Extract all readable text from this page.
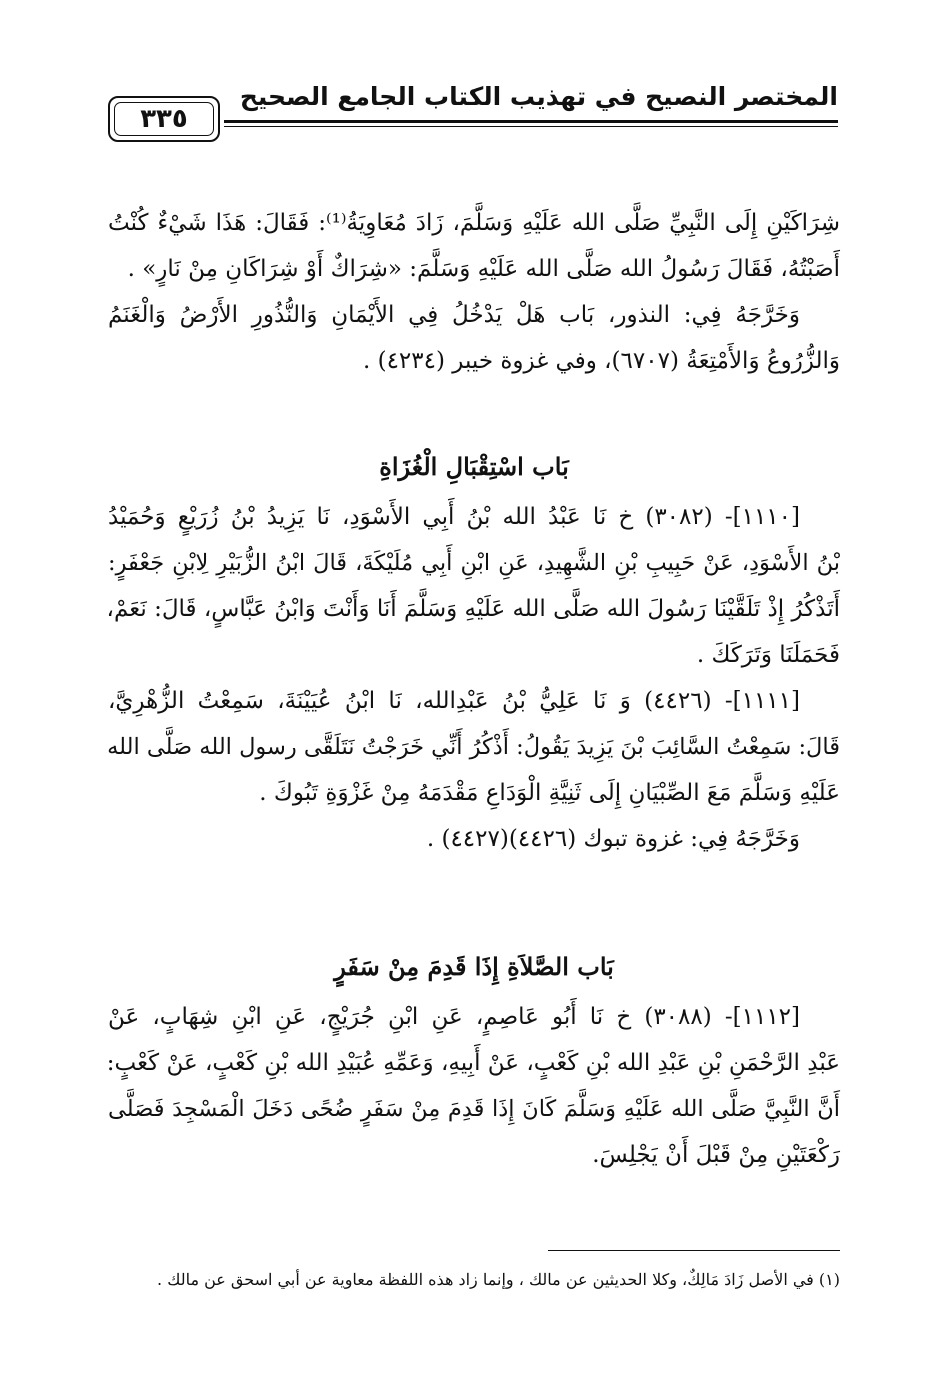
المختصر النصيح في تهذيب الكتاب الجامع الصحيح
٣٣٥
شِرَاكَيْنِ إِلَى النَّبِيِّ صَلَّى الله عَلَيْهِ وَسَلَّمَ، زَادَ مُعَاوِيَةُ⁽¹⁾: فَقَالَ: هَذَا شَيْءٌ كُنْتُ
أَصَبْتُهُ، فَقَالَ رَسُولُ الله صَلَّى الله عَلَيْهِ وَسَلَّمَ: «شِرَاكٌ أَوْ شِرَاكَانِ مِنْ نَارٍ» .
وَخَرَّجَهُ فِي: النذور، بَاب هَلْ يَدْخُلُ فِي الأَيْمَانِ وَالنُّذُورِ الأَرْضُ وَالْغَنَمُ
وَالزُّرُوعُ وَالأَمْتِعَةُ (٦٧٠٧)، وفي غزوة خيبر (٤٢٣٤) .
بَاب اسْتِقْبَالِ الْغُزَاةِ
[١١١٠]- (٣٠٨٢) خ نَا عَبْدُ الله بْنُ أَبِي الأَسْوَدِ، نَا يَزِيدُ بْنُ زُرَيْعٍ وَحُمَيْدُ
بْنُ الأَسْوَدِ، عَنْ حَبِيبِ بْنِ الشَّهِيدِ، عَنِ ابْنِ أَبِي مُلَيْكَةَ، قَالَ ابْنُ الزُّبَيْرِ لِابْنِ جَعْفَرٍ:
أَتَذْكُرُ إِذْ تَلَقَّيْنَا رَسُولَ الله صَلَّى الله عَلَيْهِ وَسَلَّمَ أَنَا وَأَنْتَ وَابْنُ عَبَّاسٍ، قَالَ: نَعَمْ،
فَحَمَلَنَا وَتَرَكَكَ .
[١١١١]- (٤٤٢٦) وَ نَا عَلِيُّ بْنُ عَبْدِالله، نَا ابْنُ عُيَيْنَةَ، سَمِعْتُ الزُّهْرِيَّ،
قَالَ: سَمِعْتُ السَّائِبَ بْنَ يَزِيدَ يَقُولُ: أَذْكُرُ أَنِّي خَرَجْتُ نَتَلَقَّى رسول الله صَلَّى الله
عَلَيْهِ وَسَلَّمَ مَعَ الصِّبْيَانِ إِلَى ثَنِيَّةِ الْوَدَاعِ مَقْدَمَهُ مِنْ غَزْوَةِ تَبُوكَ .
وَخَرَّجَهُ فِي: غزوة تبوك (٤٤٢٦)(٤٤٢٧) .
بَاب الصَّلاَةِ إِذَا قَدِمَ مِنْ سَفَرٍ
[١١١٢]- (٣٠٨٨) خ نَا أَبُو عَاصِمٍ، عَنِ ابْنِ جُرَيْجٍ، عَنِ ابْنِ شِهَابٍ، عَنْ
عَبْدِ الرَّحْمَنِ بْنِ عَبْدِ الله بْنِ كَعْبٍ، عَنْ أَبِيهِ، وَعَمِّهِ عُبَيْدِ الله بْنِ كَعْبٍ، عَنْ كَعْبٍ:
أَنَّ النَّبِيَّ صَلَّى الله عَلَيْهِ وَسَلَّمَ كَانَ إِذَا قَدِمَ مِنْ سَفَرٍ ضُحًى دَخَلَ الْمَسْجِدَ فَصَلَّى
رَكْعَتَيْنِ مِنْ قَبْلَ أَنْ يَجْلِسَ.
(١) في الأصل زَادَ مَالِكٌ، وكلا الحديثين عن مالك ، وإنما زاد هذه اللفظة معاوية عن أبي اسحق عن مالك .
